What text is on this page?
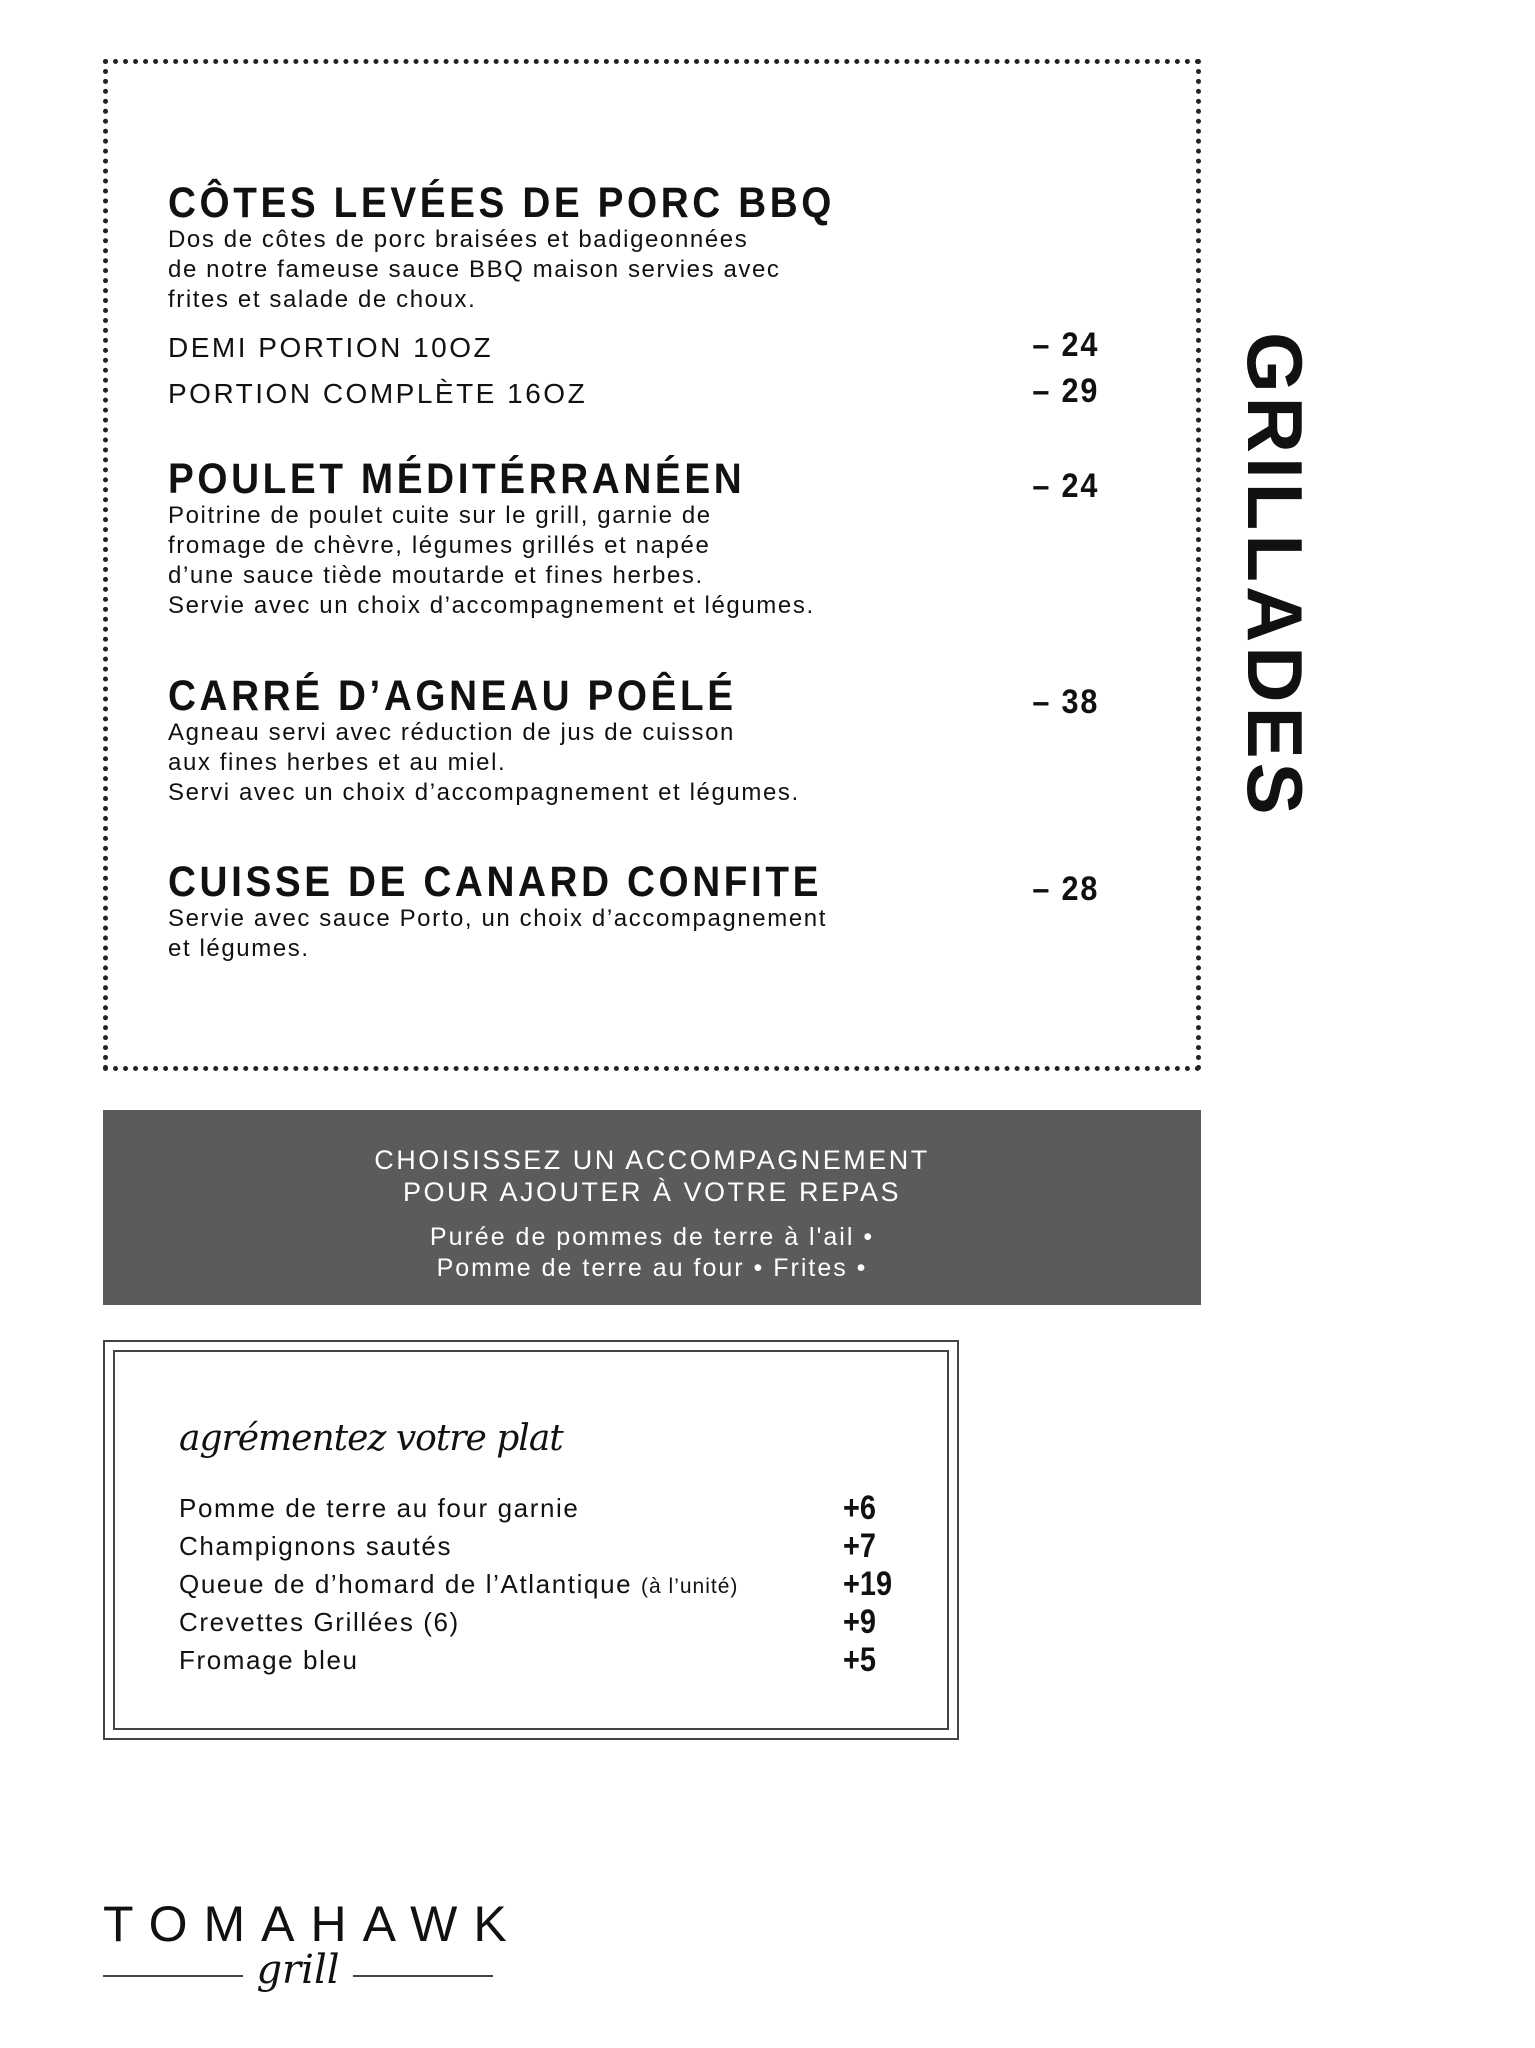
CÔTES LEVÉES DE PORC BBQ
Dos de côtes de porc braisées et badigeonnées
de notre fameuse sauce BBQ maison servies avec
frites et salade de choux.
DEMI PORTION 10OZ	– 24
PORTION COMPLÈTE 16OZ	– 29
POULET MÉDITÉRRANÉEN
Poitrine de poulet cuite sur le grill, garnie de
fromage de chèvre, légumes grillés et napée
d’une sauce tiède moutarde et fines herbes.
Servie avec un choix d’accompagnement et légumes.
– 24
CARRÉ D’AGNEAU POÊLÉ
Agneau servi avec réduction de jus de cuisson
aux fines herbes et au miel.
Servi avec un choix d’accompagnement et légumes.
– 38
CUISSE DE CANARD CONFITE
Servie avec sauce Porto, un choix d’accompagnement
et légumes.
– 28
GRILLADES
CHOISISSEZ UN ACCOMPAGNEMENT
POUR AJOUTER À VOTRE REPAS
Purée de pommes de terre à l'ail •
Pomme de terre au four • Frites •
agrémentez votre plat
Pomme de terre au four garnie	+6
Champignons sautés	+7
Queue de d’homard de l’Atlantique (à l’unité)	+19
Crevettes Grillées (6)	+9
Fromage bleu	+5
TOMAHAWK
grill
